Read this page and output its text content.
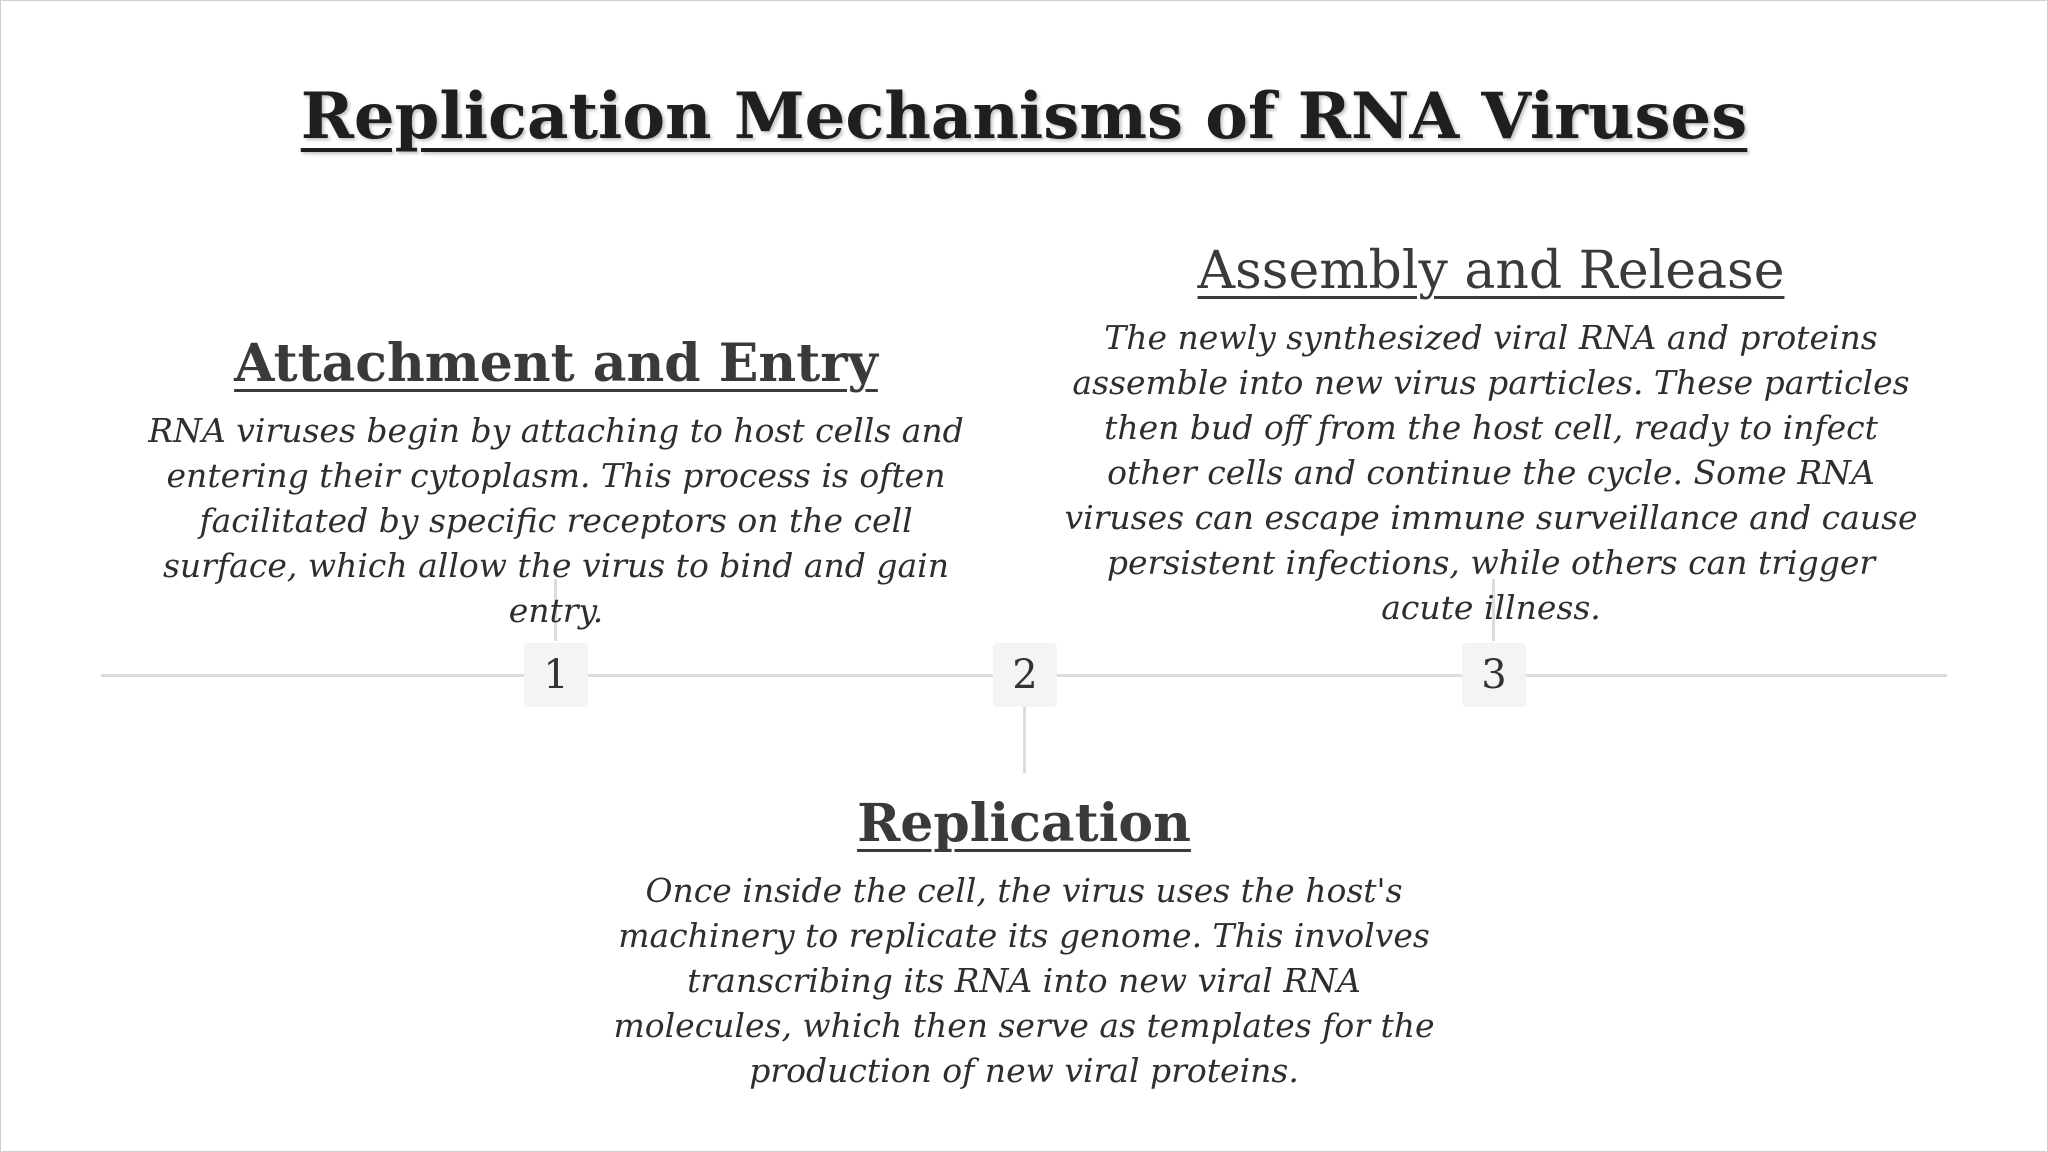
Replication Mechanisms of RNA Viruses
1	2	3
Attachment and Entry

RNA viruses begin by attaching to host cells and entering their cytoplasm. This process is often facilitated by specific receptors on the cell surface, which allow the virus to bind and gain entry.

Assembly and Release

The newly synthesized viral RNA and proteins assemble into new virus particles. These particles then bud off from the host cell, ready to infect other cells and continue the cycle. Some RNA viruses can escape immune surveillance and cause persistent infections, while others can trigger acute illness.

Replication

Once inside the cell, the virus uses the host's machinery to replicate its genome. This involves transcribing its RNA into new viral RNA molecules, which then serve as templates for the production of new viral proteins.
